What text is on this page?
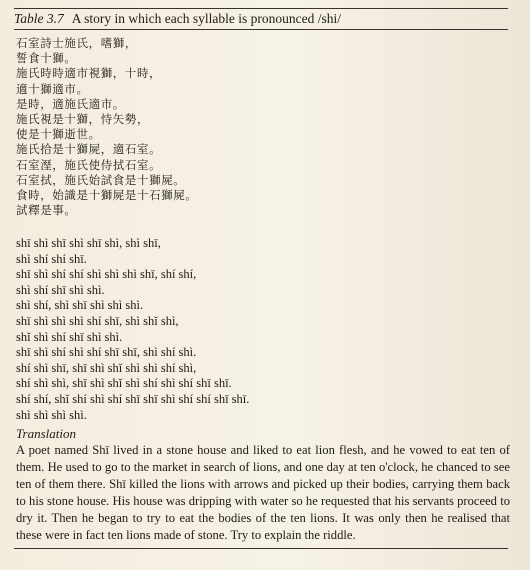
Table 3.7 A story in which each syllable is pronounced /shi/
石室詩士施氏，嗜獅，
誓食十獅。
施氏時時適市視獅，十時，
適十獅適市。
是時，適施氏適市。
施氏視是十獅，恃矢勢，
使是十獅逝世。
施氏拾是十獅屍，適石室。
石室溼，施氏使侍拭石室。
石室拭，施氏始試食是十獅屍。
食時，始識是十獅屍是十石獅屍。
試釋是事。
shī shì shī shì shī shì, shì shī,
shì shí shí shī.
shī shì shí shí shì shì shì shī, shí shí,
shì shí shī shì shì.
shì shí, shì shī shì shì shì.
shī shì shì shì shí shī, shì shǐ shì,
shǐ shì shí shī shì shì.
shī shì shí shì shí shī shī, shì shí shì.
shí shì shī, shī shì shǐ shì shì shí shì,
shí shì shì, shī shì shǐ shì shí shì shí shī shī.
shí shí, shǐ shí shì shí shī shī shì shí shí shī shī.
shì shì shì shì.
Translation
A poet named Shī lived in a stone house and liked to eat lion flesh, and he vowed to eat ten of them. He used to go to the market in search of lions, and one day at ten o'clock, he chanced to see ten of them there. Shī killed the lions with arrows and picked up their bodies, carrying them back to his stone house. His house was dripping with water so he requested that his servants proceed to dry it. Then he began to try to eat the bodies of the ten lions. It was only then he realised that these were in fact ten lions made of stone. Try to explain the riddle.
